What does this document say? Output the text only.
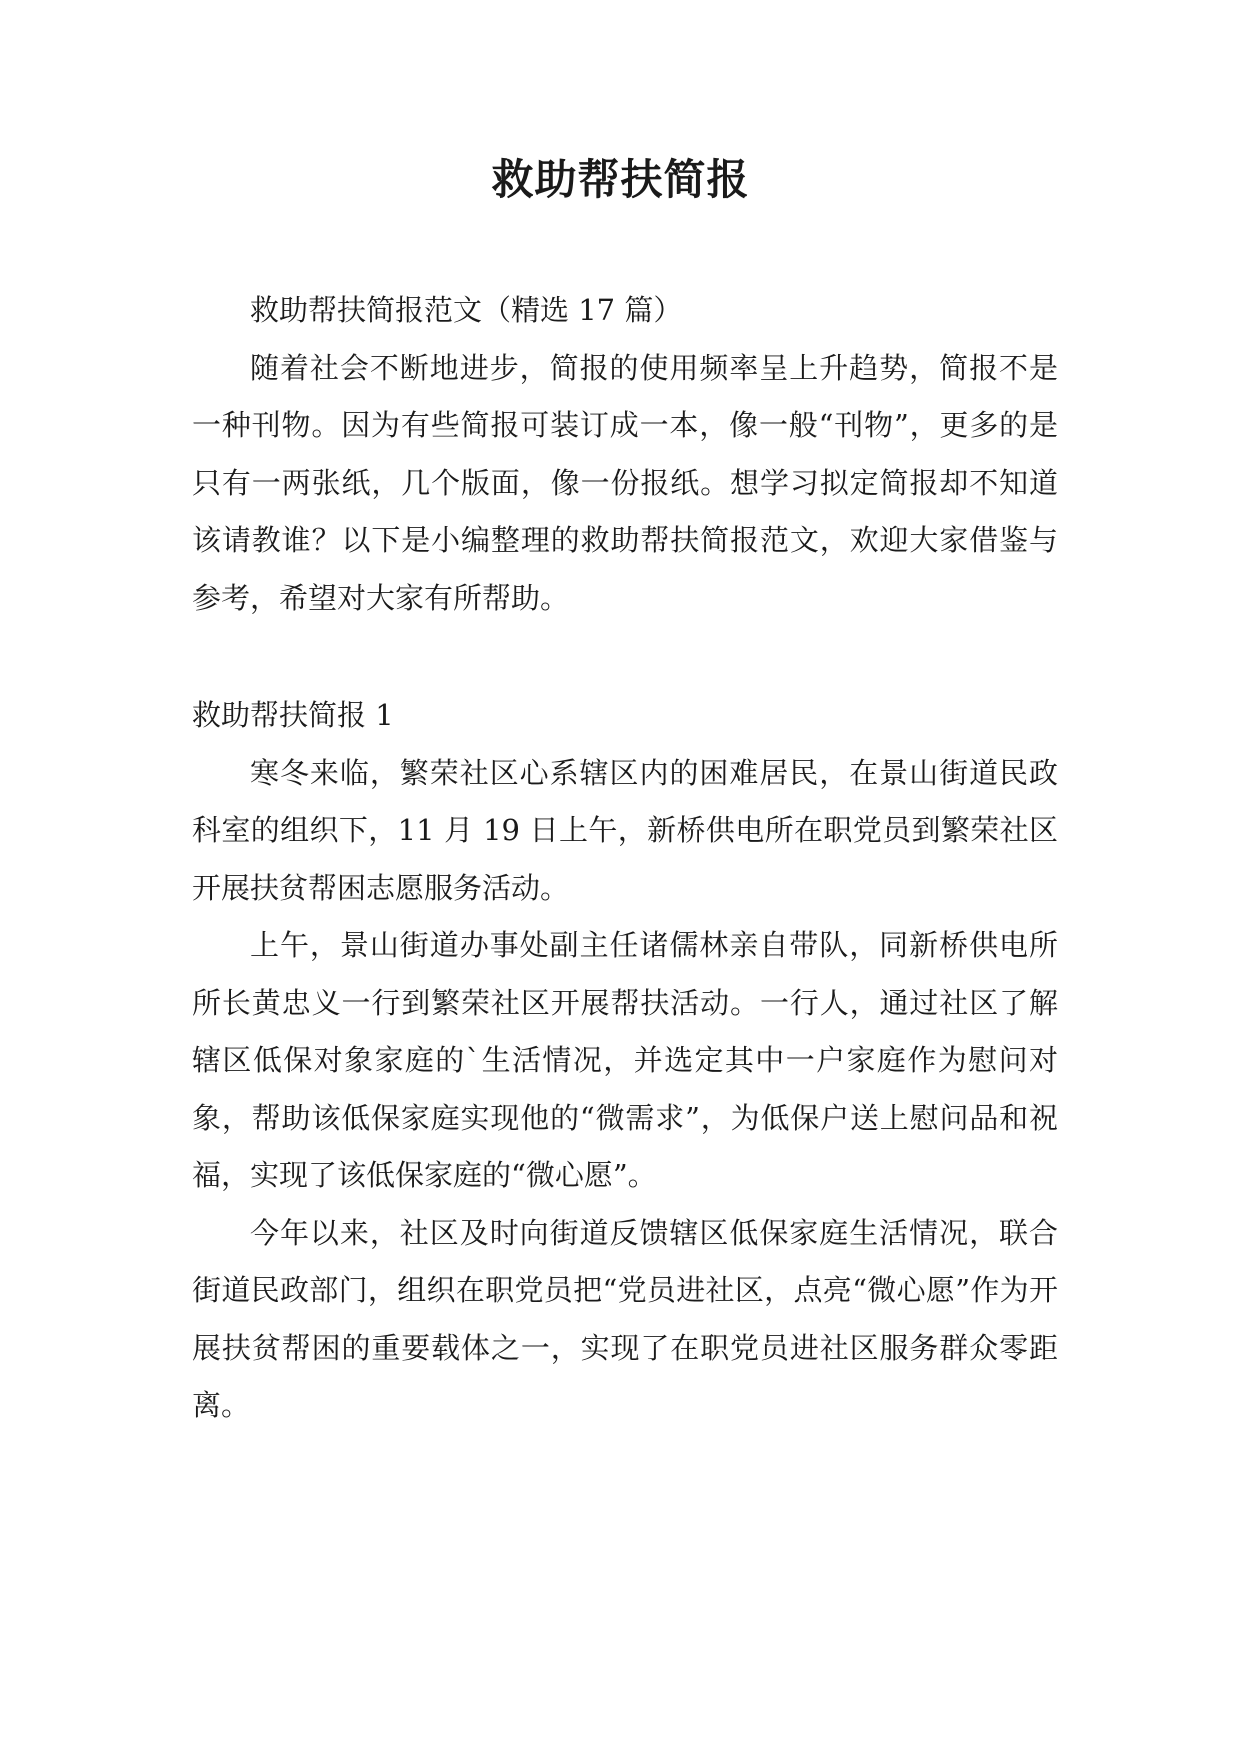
救助帮扶简报

救助帮扶简报范文（精选 17 篇）

随着社会不断地进步，简报的使用频率呈上升趋势，简报不是一种刊物。因为有些简报可装订成一本，像一般“刊物”，更多的是只有一两张纸，几个版面，像一份报纸。想学习拟定简报却不知道该请教谁？以下是小编整理的救助帮扶简报范文，欢迎大家借鉴与参考，希望对大家有所帮助。

救助帮扶简报 1

寒冬来临，繁荣社区心系辖区内的困难居民，在景山街道民政科室的组织下，11 月 19 日上午，新桥供电所在职党员到繁荣社区开展扶贫帮困志愿服务活动。

上午，景山街道办事处副主任诸儒林亲自带队，同新桥供电所所长黄忠义一行到繁荣社区开展帮扶活动。一行人，通过社区了解辖区低保对象家庭的`生活情况，并选定其中一户家庭作为慰问对象，帮助该低保家庭实现他的“微需求”，为低保户送上慰问品和祝福，实现了该低保家庭的“微心愿”。

今年以来，社区及时向街道反馈辖区低保家庭生活情况，联合街道民政部门，组织在职党员把“党员进社区，点亮“微心愿”作为开展扶贫帮困的重要载体之一，实现了在职党员进社区服务群众零距离。
